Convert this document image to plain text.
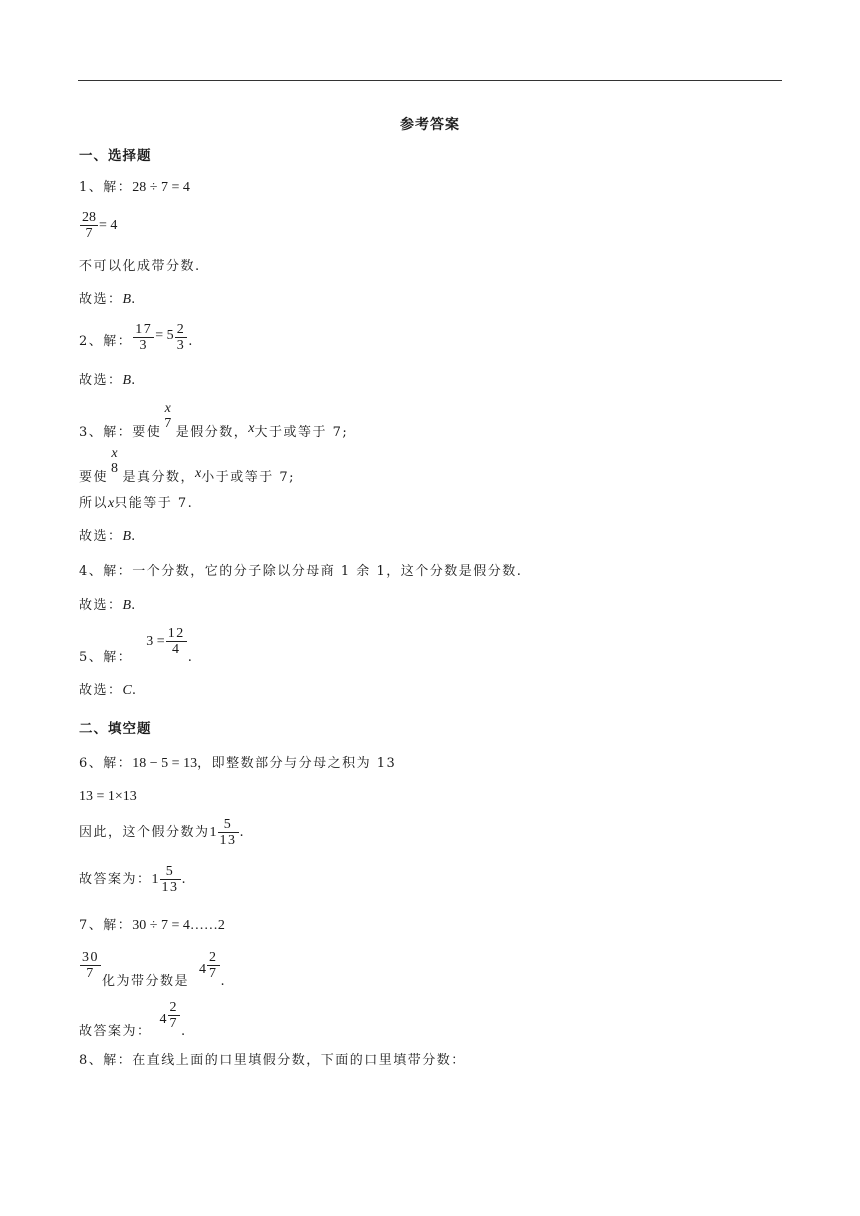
参考答案
一、选择题
1、解：28 ÷ 7 = 4
$\frac{28}{7} = 4$
不可以化成带分数.
故选：B.
2、解： $\frac{17}{3} = 5 \frac{2}{3}$ .
故选：B.
3、解：要使
x
7
是假分数，x大于或等于 7;
要使
x
8
是真分数，x小于或等于 7;
所以x只能等于 7.
故选：B.
4、解：一个分数，它的分子除以分母商 1 余 1，这个分数是假分数.
故选：B.
5、解：$3 = \frac{12}{4}$
.
故选：C.
二、填空题
6、解：18 − 5 = 13，即整数部分与分母之积为 13
13 = 1×13
因此，这个假分数为$1 \frac{5}{13}$ .
故答案为：$1 \frac{5}{13}$ .
7、解：30 ÷ 7 = 4……2
$\frac{30}{7}$
化为带分数是$4 \frac{2}{7}$
.
故答案为：$4 \frac{2}{7}$
.
8、解：在直线上面的口里填假分数，下面的口里填带分数：
